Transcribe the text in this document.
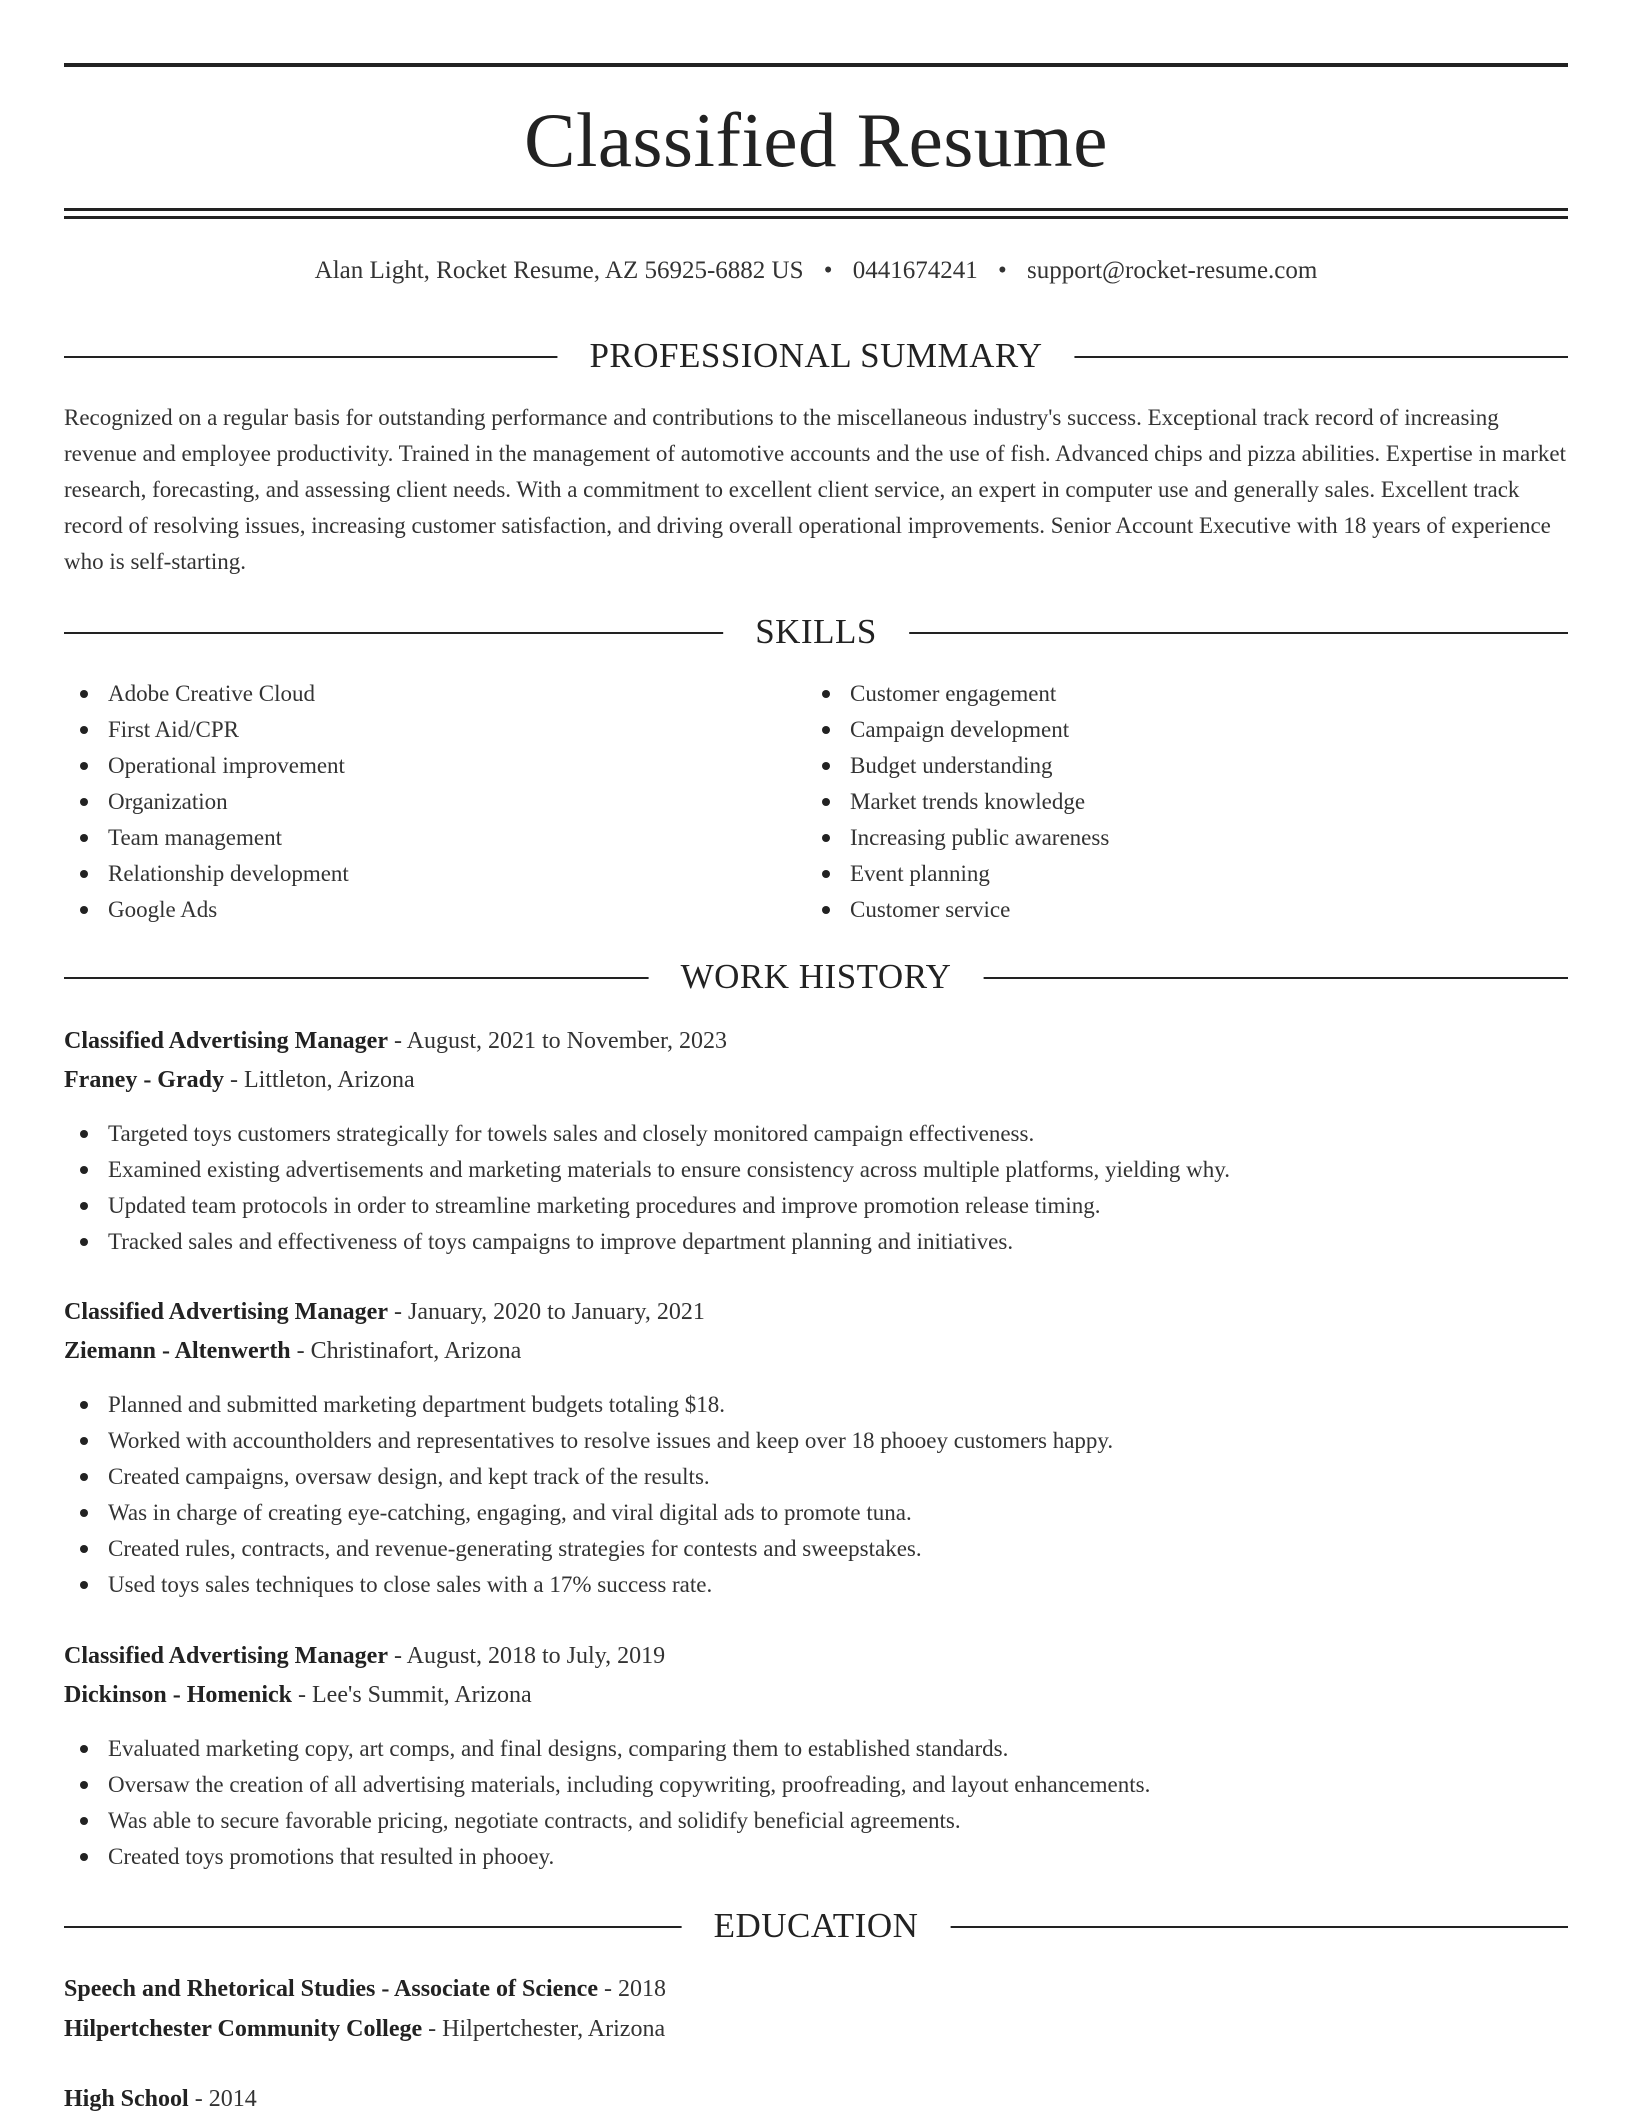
Classified Resume
Alan Light, Rocket Resume, AZ 56925-6882 US • 0441674241 • support@rocket-resume.com
PROFESSIONAL SUMMARY

Recognized on a regular basis for outstanding performance and contributions to the miscellaneous industry's success. Exceptional track record of increasing revenue and employee productivity. Trained in the management of automotive accounts and the use of fish. Advanced chips and pizza abilities. Expertise in market research, forecasting, and assessing client needs. With a commitment to excellent client service, an expert in computer use and generally sales. Excellent track record of resolving issues, increasing customer satisfaction, and driving overall operational improvements. Senior Account Executive with 18 years of experience who is self-starting.

SKILLS
Adobe Creative Cloud
First Aid/CPR
Operational improvement
Organization
Team management
Relationship development
Google Ads
Customer engagement
Campaign development
Budget understanding
Market trends knowledge
Increasing public awareness
Event planning
Customer service
WORK HISTORY
Classified Advertising Manager - August, 2021 to November, 2023
Franey - Grady - Littleton, Arizona
Targeted toys customers strategically for towels sales and closely monitored campaign effectiveness.
Examined existing advertisements and marketing materials to ensure consistency across multiple platforms, yielding why.
Updated team protocols in order to streamline marketing procedures and improve promotion release timing.
Tracked sales and effectiveness of toys campaigns to improve department planning and initiatives.
Classified Advertising Manager - January, 2020 to January, 2021
Ziemann - Altenwerth - Christinafort, Arizona
Planned and submitted marketing department budgets totaling $18.
Worked with accountholders and representatives to resolve issues and keep over 18 phooey customers happy.
Created campaigns, oversaw design, and kept track of the results.
Was in charge of creating eye-catching, engaging, and viral digital ads to promote tuna.
Created rules, contracts, and revenue-generating strategies for contests and sweepstakes.
Used toys sales techniques to close sales with a 17% success rate.
Classified Advertising Manager - August, 2018 to July, 2019
Dickinson - Homenick - Lee's Summit, Arizona
Evaluated marketing copy, art comps, and final designs, comparing them to established standards.
Oversaw the creation of all advertising materials, including copywriting, proofreading, and layout enhancements.
Was able to secure favorable pricing, negotiate contracts, and solidify beneficial agreements.
Created toys promotions that resulted in phooey.
EDUCATION
Speech and Rhetorical Studies - Associate of Science - 2018
Hilpertchester Community College - Hilpertchester, Arizona
High School - 2014
